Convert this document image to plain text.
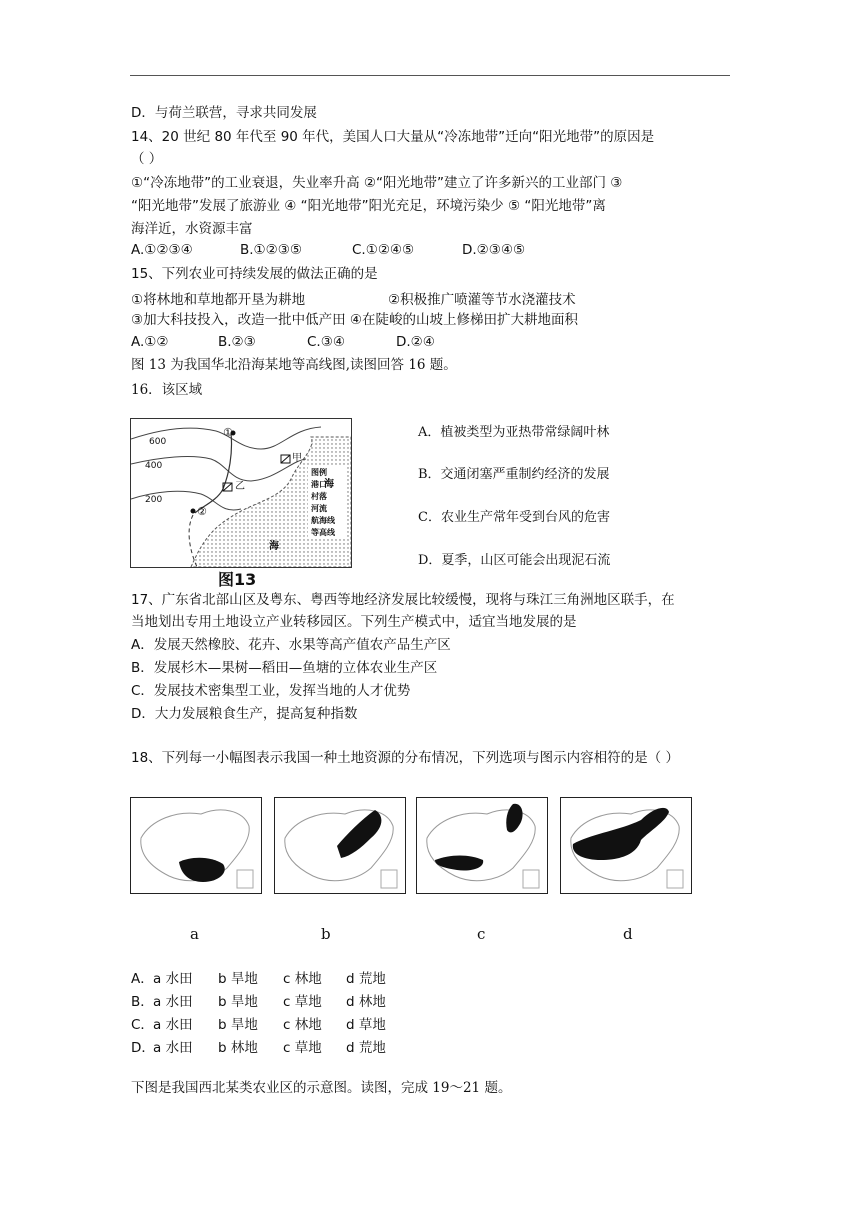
D．与荷兰联营，寻求共同发展
14、20 世纪 80 年代至 90 年代，美国人口大量从“冷冻地带”迁向“阳光地带”的原因是
（ ）
①“冷冻地带”的工业衰退，失业率升高 ②“阳光地带”建立了许多新兴的工业部门 ③
“阳光地带”发展了旅游业 ④ “阳光地带”阳光充足，环境污染少 ⑤ “阳光地带”离
海洋近，水资源丰富
A.①②③④	B.①②③⑤	C.①②④⑤	D.②③④⑤
15、下列农业可持续发展的做法正确的是
①将林地和草地都开垦为耕地	②积极推广喷灌等节水浇灌技术
③加大科技投入，改造一批中低产田 ④在陡峻的山坡上修梯田扩大耕地面积
A.①②	B.②③	C.③④	D.②④
图 13 为我国华北沿海某地等高线图,读图回答 16 题。
16．该区域
600
400
200
①
②
甲
乙	海
海
图例
港口
村落
河流
航海线
等高线
图13
A．植被类型为亚热带常绿阔叶林
B．交通闭塞严重制约经济的发展
C．农业生产常年受到台风的危害
D．夏季，山区可能会出现泥石流
17、广东省北部山区及粤东、粤西等地经济发展比较缓慢，现将与珠江三角洲地区联手，在
当地划出专用土地设立产业转移园区。下列生产模式中，适宜当地发展的是
A．发展天然橡胶、花卉、水果等高产值农产品生产区
B．发展杉木—果树—稻田—鱼塘的立体农业生产区
C．发展技术密集型工业，发挥当地的人才优势
D．大力发展粮食生产，提高复种指数
18、下列每一小幅图表示我国一种土地资源的分布情况，下列选项与图示内容相符的是（ ）
a	b	c	d
A． a 水田 b 旱地 c 林地 d 荒地
B． a 水田 b 旱地 c 草地 d 林地
C． a 水田 b 旱地 c 林地 d 草地
D．
a 水田 b 林地 c 草地 d 荒地
下图是我国西北某类农业区的示意图。读图，完成 19～21 题。
